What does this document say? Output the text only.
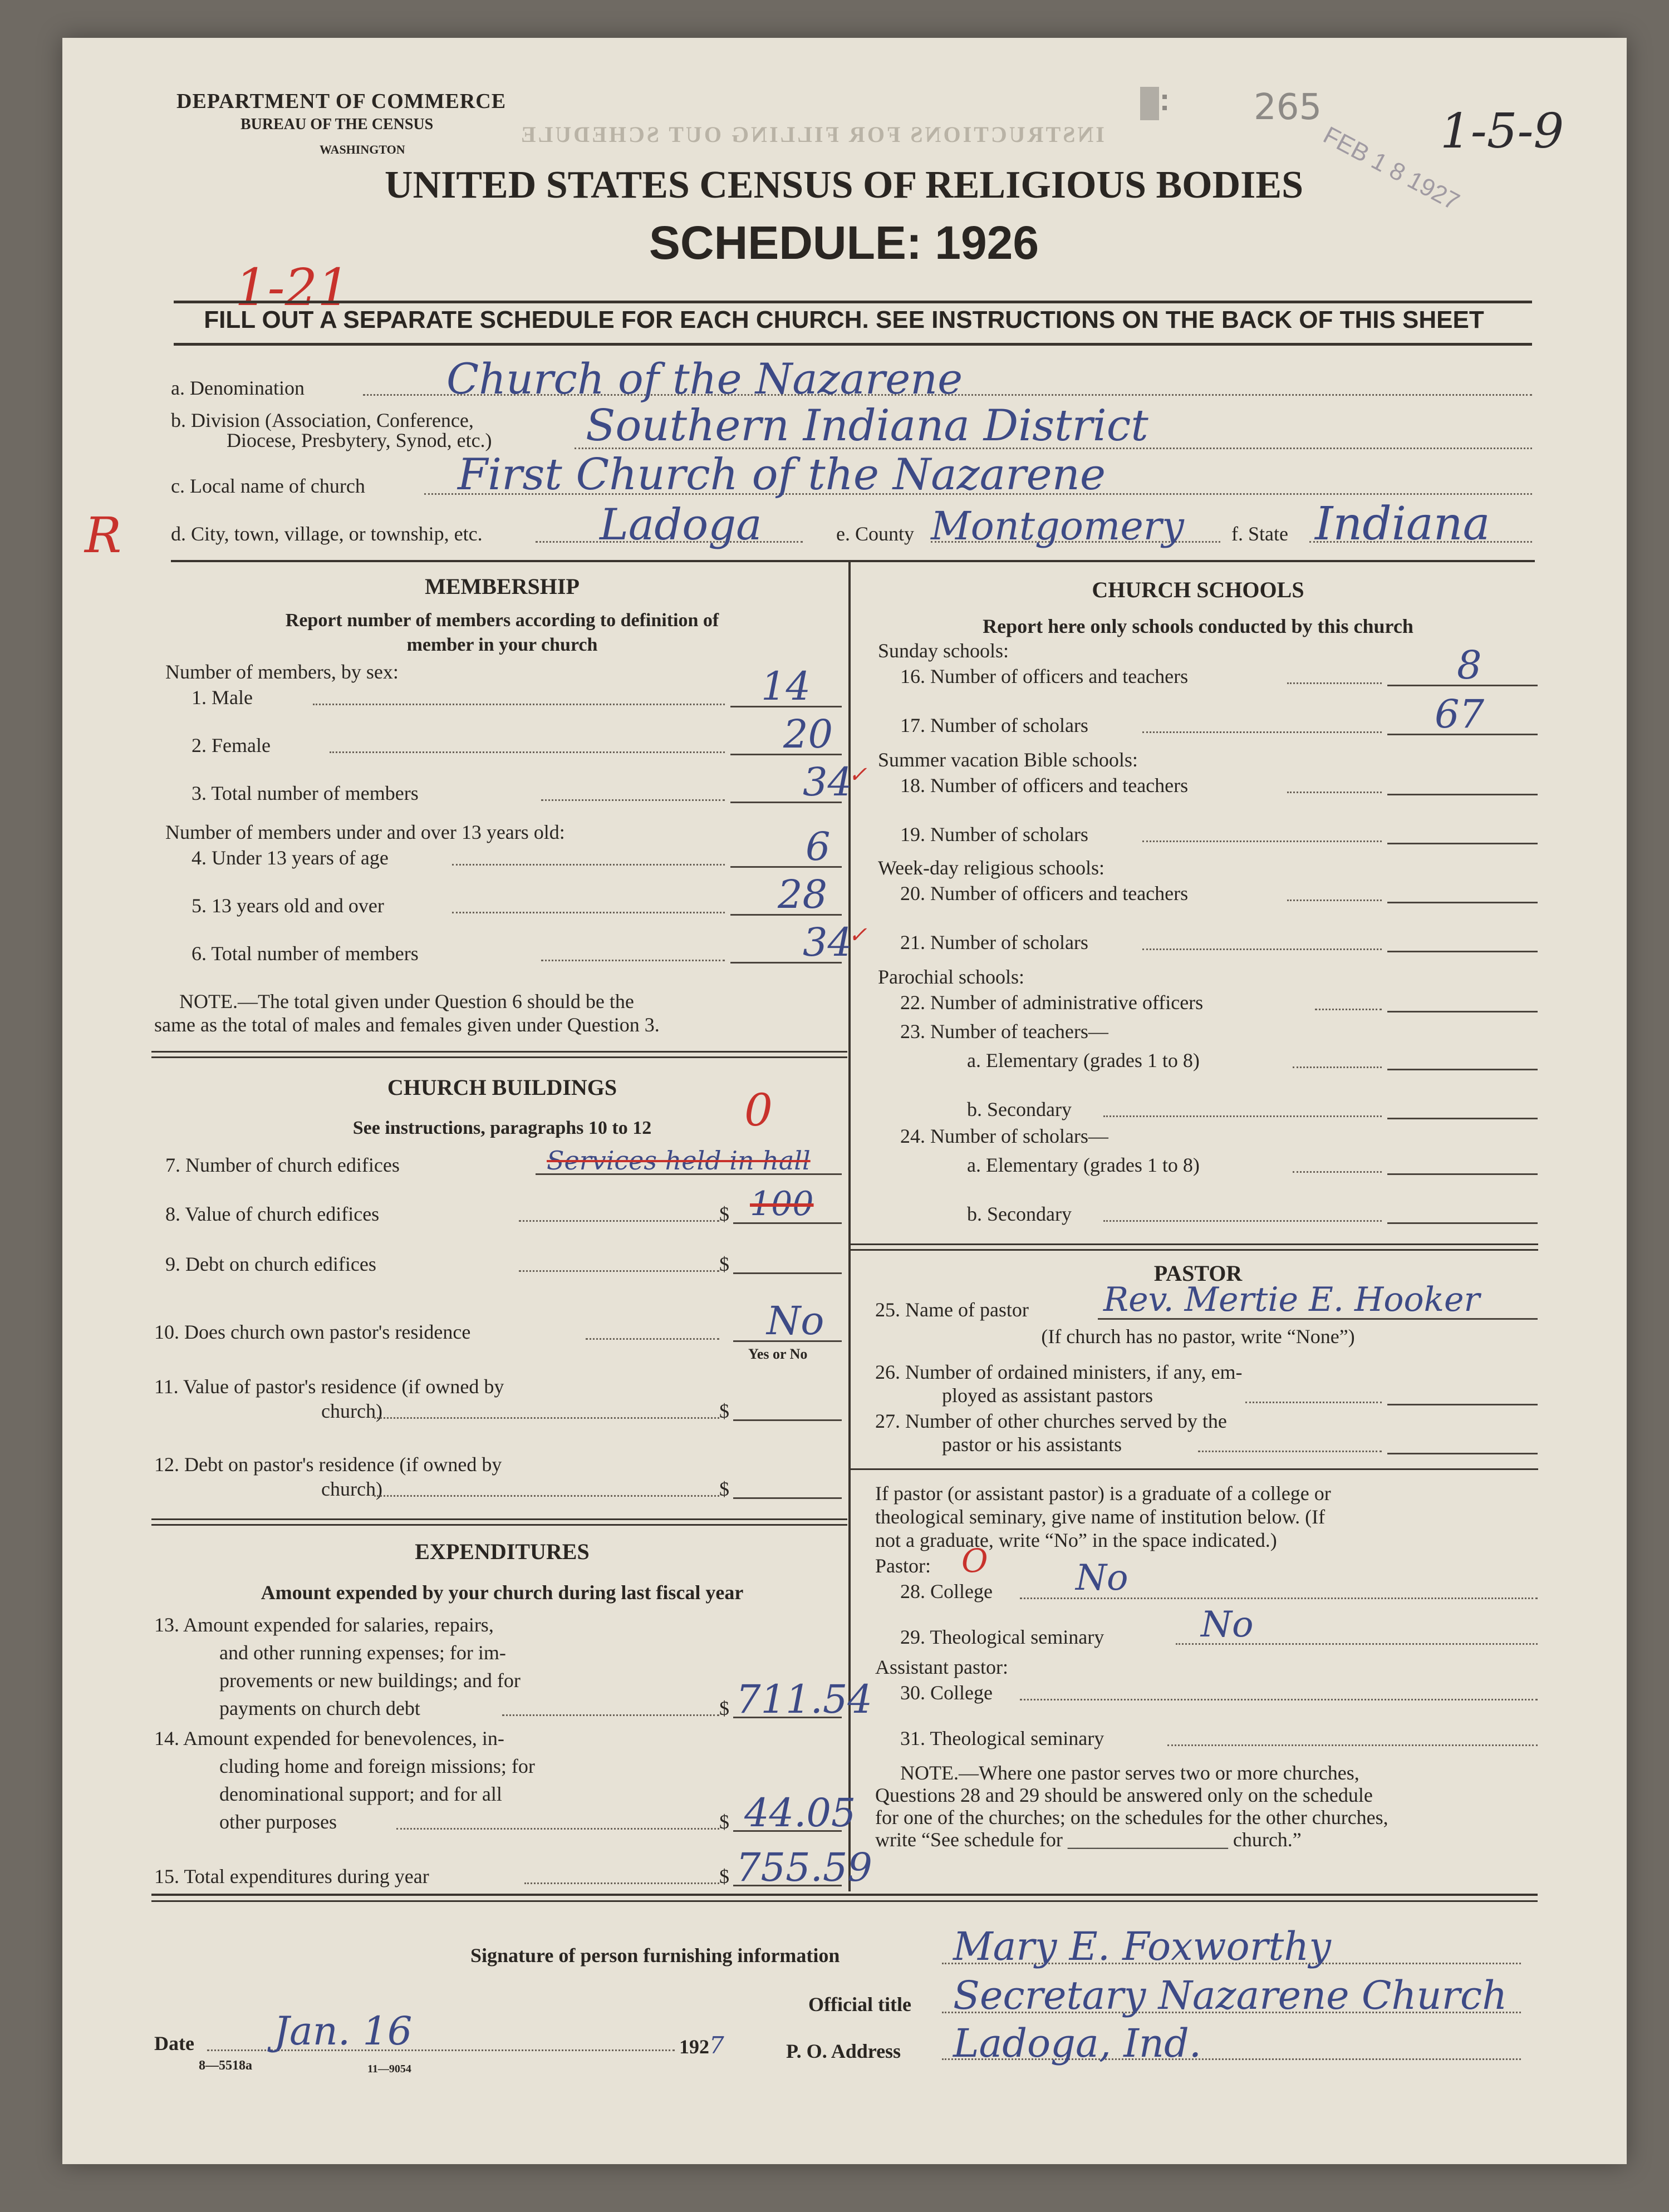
INSTRUCTIONS FOR FILLING OUT SCHEDULE
DEPARTMENT OF COMMERCE
BUREAU OF THE CENSUS
WASHINGTON
265
FEB 1 8 1927
1-5-9
UNITED STATES CENSUS OF RELIGIOUS BODIES
SCHEDULE: 1926
1-21
FILL OUT A SEPARATE SCHEDULE FOR EACH CHURCH. SEE INSTRUCTIONS ON THE BACK OF THIS SHEET
a. Denomination	Church of the Nazarene
b. Division (Association, Conference,
Diocese, Presbytery, Synod, etc.) Southern Indiana District
c. Local name of church First Church of the Nazarene
R d. City, town, village, or township, etc.	Ladoga	e. County Montgomery f. State Indiana
MEMBERSHIP
Report number of members according to definition of
member in your church
Number of members, by sex:
1. Male	14
2. Female	20
3. Total number of members	34
✓
Number of members under and over 13 years old:
4. Under 13 years of age	6
5. 13 years old and over	28
6. Total number of members	34
✓
NOTE.—The total given under Question 6 should be the
same as the total of males and females given under Question 3.
CHURCH BUILDINGS
See instructions, paragraphs 10 to 12 0
7. Number of church edifices	Services held in hall
8. Value of church edifices	$ 100
9. Debt on church edifices	$
10. Does church own pastor's residence	No
Yes or No
11. Value of pastor's residence (if owned by
church)	$
12. Debt on pastor's residence (if owned by
church)	$
EXPENDITURES
Amount expended by your church during last fiscal year
13. Amount expended for salaries, repairs,
and other running expenses; for im-
provements or new buildings; and for
payments on church debt	$ 711.54
14. Amount expended for benevolences, in-
cluding home and foreign missions; for
denominational support; and for all
other purposes	$ 44.05
15. Total expenditures during year	$ 755.59
CHURCH SCHOOLS
Report here only schools conducted by this church
Sunday schools:
16. Number of officers and teachers	8
17. Number of scholars	67
Summer vacation Bible schools:
18. Number of officers and teachers
19. Number of scholars
Week-day religious schools:
20. Number of officers and teachers
21. Number of scholars
Parochial schools:
22. Number of administrative officers
23. Number of teachers—
a. Elementary (grades 1 to 8)
b. Secondary
24. Number of scholars—
a. Elementary (grades 1 to 8)
b. Secondary
PASTOR
25. Name of pastor Rev. Mertie E. Hooker
(If church has no pastor, write “None”)
26. Number of ordained ministers, if any, em-
ployed as assistant pastors
27. Number of other churches served by the
pastor or his assistants
If pastor (or assistant pastor) is a graduate of a college or
theological seminary, give name of institution below. (If
not a graduate, write “No” in the space indicated.)
Pastor: O
28. College No
29. Theological seminary	No
Assistant pastor:
30. College
31. Theological seminary
NOTE.—Where one pastor serves two or more churches,
Questions 28 and 29 should be answered only on the schedule
for one of the churches; on the schedules for the other churches,
write “See schedule for ________________ church.”
Signature of person furnishing information	Mary E. Foxworthy
Official title Secretary Nazarene Church
Date Jan. 16	1927	P. O. Address Ladoga, Ind.
8—5518a	11—9054
